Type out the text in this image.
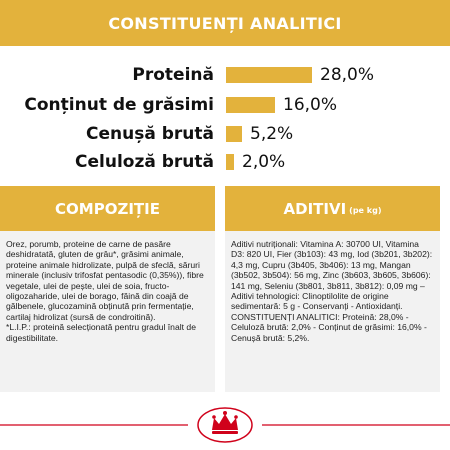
CONSTITUENȚI ANALITICI
Proteină	28,0%
Conținut de grăsimi	16,0%
Cenușă brută 5,2%
Celuloză brută 2,0%
COMPOZIȚIE

Orez, porumb, proteine de carne de pasăre deshidratată, gluten de grâu*, grăsimi animale, proteine animale hidrolizate, pulpă de sfeclă, săruri minerale (inclusiv trifosfat pentasodic (0,35%)), fibre vegetale, ulei de pește, ulei de soia, fructo-oligozaharide, ulei de borago, făină din coajă de gălbenele, glucozamină obținută prin fermentație, cartilaj hidrolizat (sursă de condroitină).

*L.I.P.: proteină selecționată pentru gradul înalt de digestibilitate.

ADITIVI (pe kg)

Aditivi nutriționali: Vitamina A: 30700 UI, Vitamina D3: 820 UI, Fier (3b103): 43 mg, Iod (3b201, 3b202): 4,3 mg, Cupru (3b405, 3b406): 13 mg, Mangan (3b502, 3b504): 56 mg, Zinc (3b603, 3b605, 3b606): 141 mg, Seleniu (3b801, 3b811, 3b812): 0,09 mg – Aditivi tehnologici: Clinoptilolite de origine sedimentară: 5 g - Conservanți - Antioxidanți. CONSTITUENȚI ANALITICI: Proteină: 28,0% - Celuloză brută: 2,0% - Conținut de grăsimi: 16,0% - Cenușă brută: 5,2%.
